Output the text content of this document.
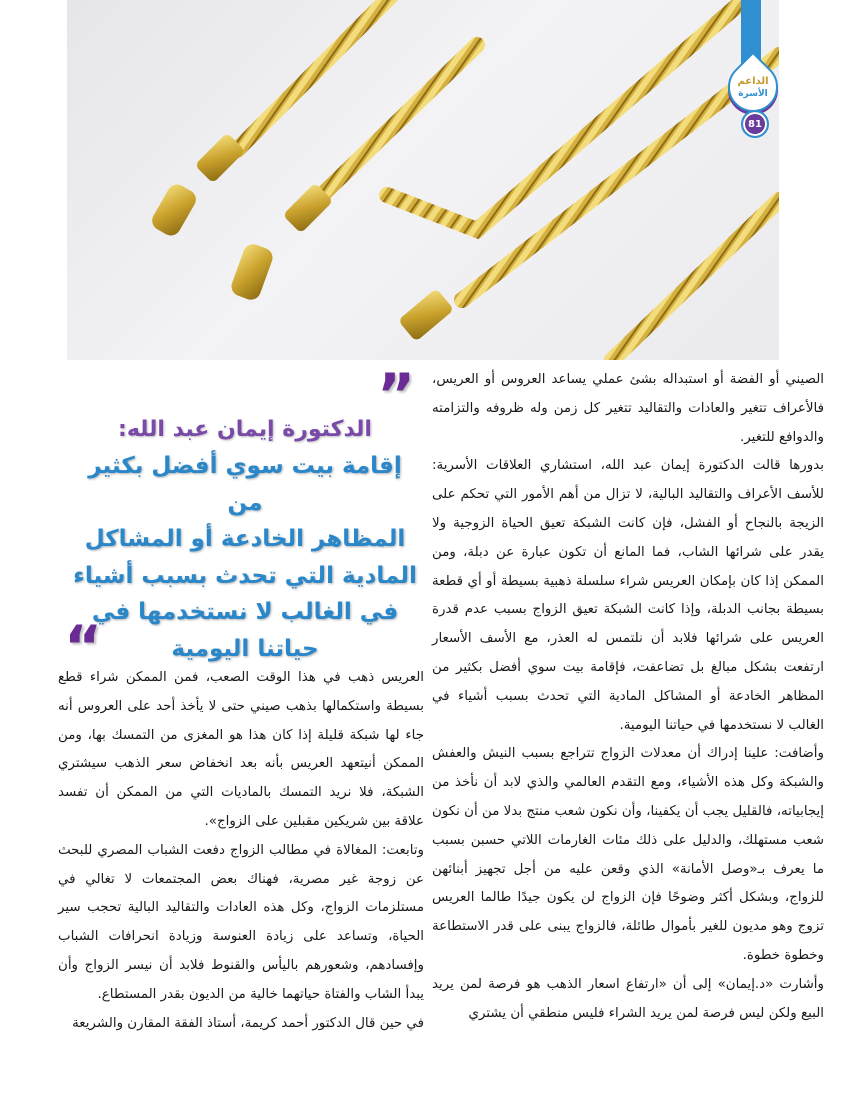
الداعم
الأسرة
81

الصيني أو الفضة أو استبداله بشئ عملي يساعد العروس أو العريس، فالأعراف تتغير والعادات والتقاليد تتغير كل زمن وله ظروفه والتزامته والدوافع للتغير.

بدورها قالت الدكتورة إيمان عبد الله، استشاري العلاقات الأسرية: للأسف الأعراف والتقاليد البالية، لا تزال من أهم الأمور التي تحكم على الزيجة بالنجاح أو الفشل، فإن كانت الشبكة تعيق الحياة الزوجية ولا يقدر على شرائها الشاب، فما المانع أن تكون عبارة عن دبلة، ومن الممكن إذا كان بإمكان العريس شراء سلسلة ذهبية بسيطة أو أي قطعة بسيطة بجانب الدبلة، وإذا كانت الشبكة تعيق الزواج بسبب عدم قدرة العريس على شرائها فلابد أن نلتمس له العذر، مع الأسف الأسعار ارتفعت بشكل مبالغ بل تضاعفت، فإقامة بيت سوي أفضل بكثير من المظاهر الخادعة أو المشاكل المادية التي تحدث بسبب أشياء في الغالب لا نستخدمها في حياتنا اليومية.

وأضافت: علينا إدراك أن معدلات الزواج تتراجع بسبب النيش والعفش والشبكة وكل هذه الأشياء، ومع التقدم العالمي والذي لابد أن نأخذ من إيجابياته، فالقليل يجب أن يكفينا، وأن نكون شعب منتج بدلا من أن نكون شعب مستهلك، والدليل على ذلك مئات الغارمات اللاتي حسبن بسبب ما يعرف بـ«وصل الأمانة» الذي وقعن عليه من أجل تجهيز أبنائهن للزواج، وبشكل أكثر وضوحًا فإن الزواج لن يكون جيدًا طالما العريس تزوج وهو مديون للغير بأموال طائلة، فالزواج يبنى على قدر الاستطاعة وخطوة خطوة.

وأشارت «د.إيمان» إلى أن «ارتفاع اسعار الذهب هو فرصة لمن يريد البيع ولكن ليس فرصة لمن يريد الشراء فليس منطقي أن يشتري

”
الدكتورة إيمان عبد الله:
إقامة بيت سوي أفضل بكثير من
المظاهر الخادعة أو المشاكل
المادية التي تحدث بسبب أشياء
في الغالب لا نستخدمها في
حياتنا اليومية
“

العريس ذهب في هذا الوقت الصعب، فمن الممكن شراء قطع بسيطة واستكمالها بذهب صيني حتى لا يأخذ أحد على العروس أنه جاء لها شبكة قليلة إذا كان هذا هو المغزى من التمسك بها، ومن الممكن أنيتعهد العريس بأنه بعد انخفاض سعر الذهب سيشتري الشبكة، فلا نريد التمسك بالماديات التي من الممكن أن تفسد علاقة بين شريكين مقبلين على الزواج».

وتابعت: المغالاة في مطالب الزواج دفعت الشباب المصري للبحث عن زوجة غير مصرية، فهناك بعض المجتمعات لا تغالي في مستلزمات الزواج، وكل هذه العادات والتقاليد البالية تحجب سير الحياة، وتساعد على زيادة العنوسة وزيادة انحرافات الشباب وإفسادهم، وشعورهم باليأس والقنوط فلابد أن نيسر الزواج وأن يبدأ الشاب والفتاة حياتهما خالية من الديون بقدر المستطاع.

في حين قال الدكتور أحمد كريمة، أستاذ الفقة المقارن والشريعة
